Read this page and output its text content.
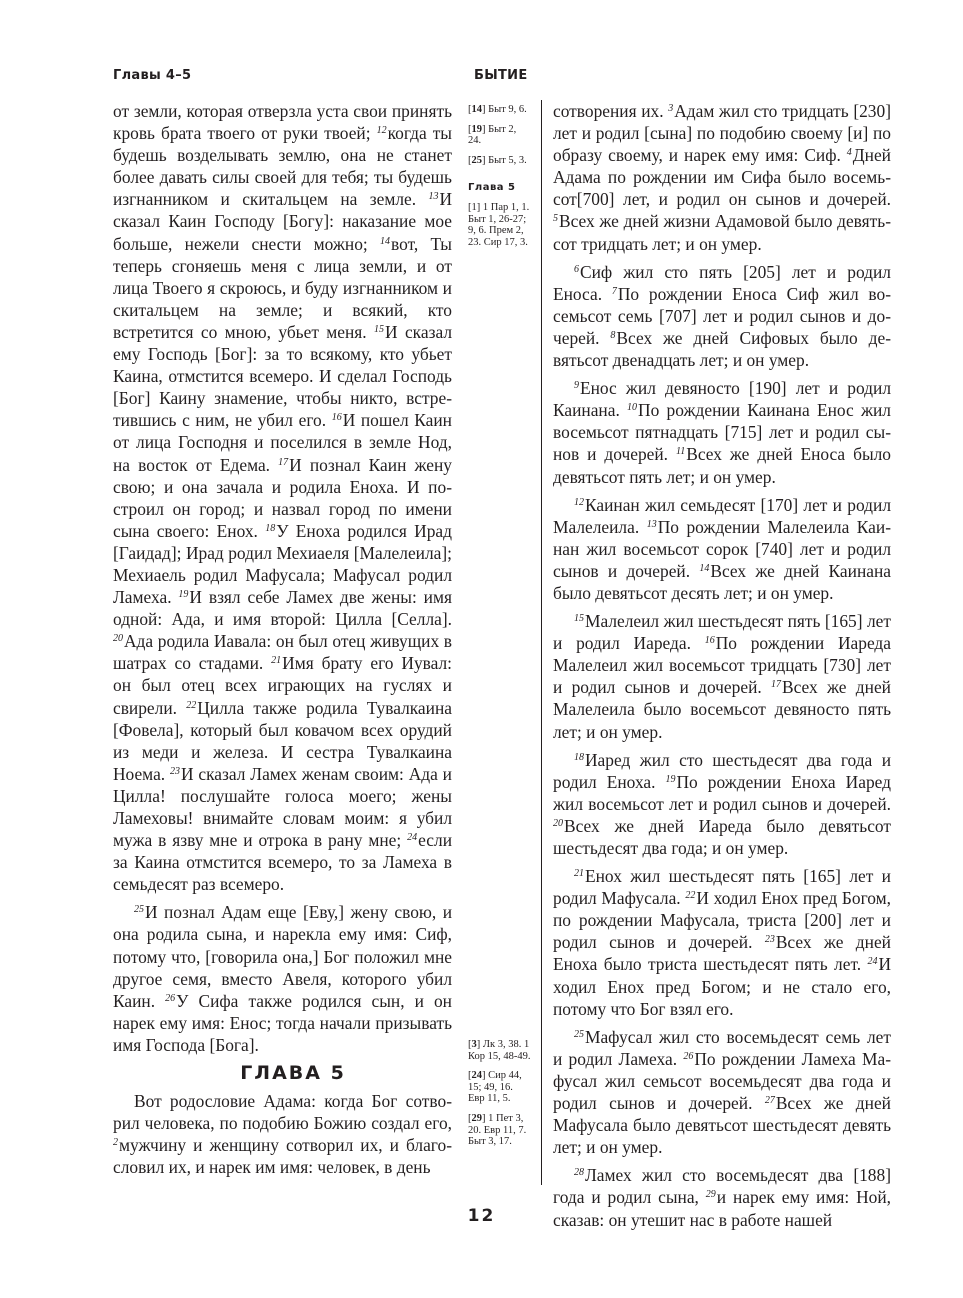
Главы 4–5	БЫТИЕ

от земли, которая отверзла уста свои принять кровь брата твоего от руки твоей; $^{12}$когда ты будешь возделывать землю, она не станет более давать силы своей для тебя; ты будешь изгнанником и скитальцем на земле. $^{13}$И сказал Каин Господу [Богу]: наказание мое больше, нежели снести можно; $^{14}$вот, Ты теперь сгоняешь меня с лица земли, и от лица Твоего я скроюсь, и буду изгнанником и скитальцем на земле; и всякий, кто встретится со мною, убьет меня. $^{15}$И сказал ему Господь [Бог]: за то всякому, кто убьет Каина, отмстится всемеро. И сделал Господь [Бог] Каину знамение, чтобы никто, встретившись с ним, не убил его. $^{16}$И пошел Каин от лица Господня и поселился в земле Нод, на восток от Едема. $^{17}$И познал Каин жену свою; и она зачала и родила Еноха. И построил он город; и назвал город по имени сына своего: Енох. $^{18}$У Еноха родился Ирад [Гаидад]; Ирад родил Мехиаеля [Малелеила]; Мехиаель родил Мафусала; Мафусал родил Ламеха. $^{19}$И взял себе Ламех две жены: имя одной: Ада, и имя второй: Цилла [Селла]. $^{20}$Ада родила Иавала: он был отец живущих в шатрах со стадами. $^{21}$Имя брату его Иувал: он был отец всех играющих на гуслях и свирели. $^{22}$Цилла также родила Тувалкаина [Фовела], который был ковачом всех орудий из меди и железа. И сестра Тувалкаина Ноема. $^{23}$И сказал Ламех женам своим: Ада и Цилла! послушайте голоса моего; жены Ламеховы! внимайте словам моим: я убил мужа в язву мне и отрока в рану мне; $^{24}$если за Каина отмстится всемеро, то за Ламеха в семьдесят раз всемеро.

$^{25}$И познал Адам еще [Еву,] жену свою, и она родила сына, и нарекла ему имя: Сиф, потому что, [говорила она,] Бог положил мне другое семя, вместо Авеля, которого убил Каин. $^{26}$У Сифа также родился сын, и он нарек ему имя: Енос; тогда начали призывать имя Господа [Бога].

ГЛАВА 5

Вот родословие Адама: когда Бог сотворил человека, по подобию Божию создал его, $^2$мужчину и женщину сотворил их, и благословил их, и нарек им имя: человек, в день

[14] Быт 9, 6.
[19] Быт 2, 24.
[25] Быт 5, 3.
Глава 5
[1] 1 Пар 1, 1. Быт 1, 26-27; 9, 6. Прем 2, 23. Сир 17, 3.
[3] Лк 3, 38. 1 Кор 15, 48-49.
[24] Сир 44, 15; 49, 16. Евр 11, 5.
[29] 1 Пет 3, 20. Евр 11, 7. Быт 3, 17.

сотворения их. $^3$Адам жил сто тридцать [230] лет и родил [сына] по подобию своему [и] по образу своему, и нарек ему имя: Сиф. $^4$Дней Адама по рождении им Сифа было восемьсот[700] лет, и родил он сынов и дочерей. $^5$Всех же дней жизни Адамовой было девятьсот тридцать лет; и он умер.

$^6$Сиф жил сто пять [205] лет и родил Еноса. $^7$По рождении Еноса Сиф жил восемьсот семь [707] лет и родил сынов и дочерей. $^8$Всех же дней Сифовых было девятьсот двенадцать лет; и он умер.

$^9$Енос жил девяносто [190] лет и родил Каинана. $^{10}$По рождении Каинана Енос жил восемьсот пятнадцать [715] лет и родил сынов и дочерей. $^{11}$Всех же дней Еноса было девятьсот пять лет; и он умер.

$^{12}$Каинан жил семьдесят [170] лет и родил Малелеила. $^{13}$По рождении Малелеила Каинан жил восемьсот сорок [740] лет и родил сынов и дочерей. $^{14}$Всех же дней Каинана было девятьсот десять лет; и он умер.

$^{15}$Малелеил жил шестьдесят пять [165] лет и родил Иареда. $^{16}$По рождении Иареда Малелеил жил восемьсот тридцать [730] лет и родил сынов и дочерей. $^{17}$Всех же дней Малелеила было восемьсот девяносто пять лет; и он умер.

$^{18}$Иаред жил сто шестьдесят два года и родил Еноха. $^{19}$По рождении Еноха Иаред жил восемьсот лет и родил сынов и дочерей. $^{20}$Всех же дней Иареда было девятьсот шестьдесят два года; и он умер.

$^{21}$Енох жил шестьдесят пять [165] лет и родил Мафусала. $^{22}$И ходил Енох пред Богом, по рождении Мафусала, триста [200] лет и родил сынов и дочерей. $^{23}$Всех же дней Еноха было триста шестьдесят пять лет. $^{24}$И ходил Енох пред Богом; и не стало его, потому что Бог взял его.

$^{25}$Мафусал жил сто восемьдесят семь лет и родил Ламеха. $^{26}$По рождении Ламеха Мафусал жил семьсот восемьдесят два года и родил сынов и дочерей. $^{27}$Всех же дней Мафусала было девятьсот шестьдесят девять лет; и он умер.

$^{28}$Ламех жил сто восемьдесят два [188] года и родил сына, $^{29}$и нарек ему имя: Ной, сказав: он утешит нас в работе нашей

12
